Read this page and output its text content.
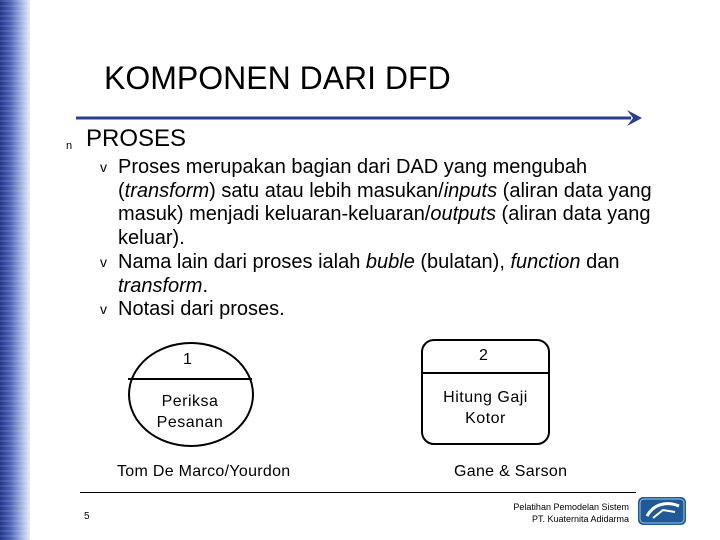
KOMPONEN DARI DFD
n PROSES
v Proses merupakan bagian dari DAD yang mengubah (transform) satu atau lebih masukan/inputs (aliran data yang masuk) menjadi keluaran-keluaran/outputs (aliran data yang keluar).
v Nama lain dari proses ialah buble (bulatan), function dan transform.
v Notasi dari proses.
1
Periksa
Pesanan
2
Hitung Gaji
Kotor
Tom De Marco/Yourdon	Gane & Sarson
5
Pelatihan Pemodelan Sistem
PT. Kuaternita Adidarma
